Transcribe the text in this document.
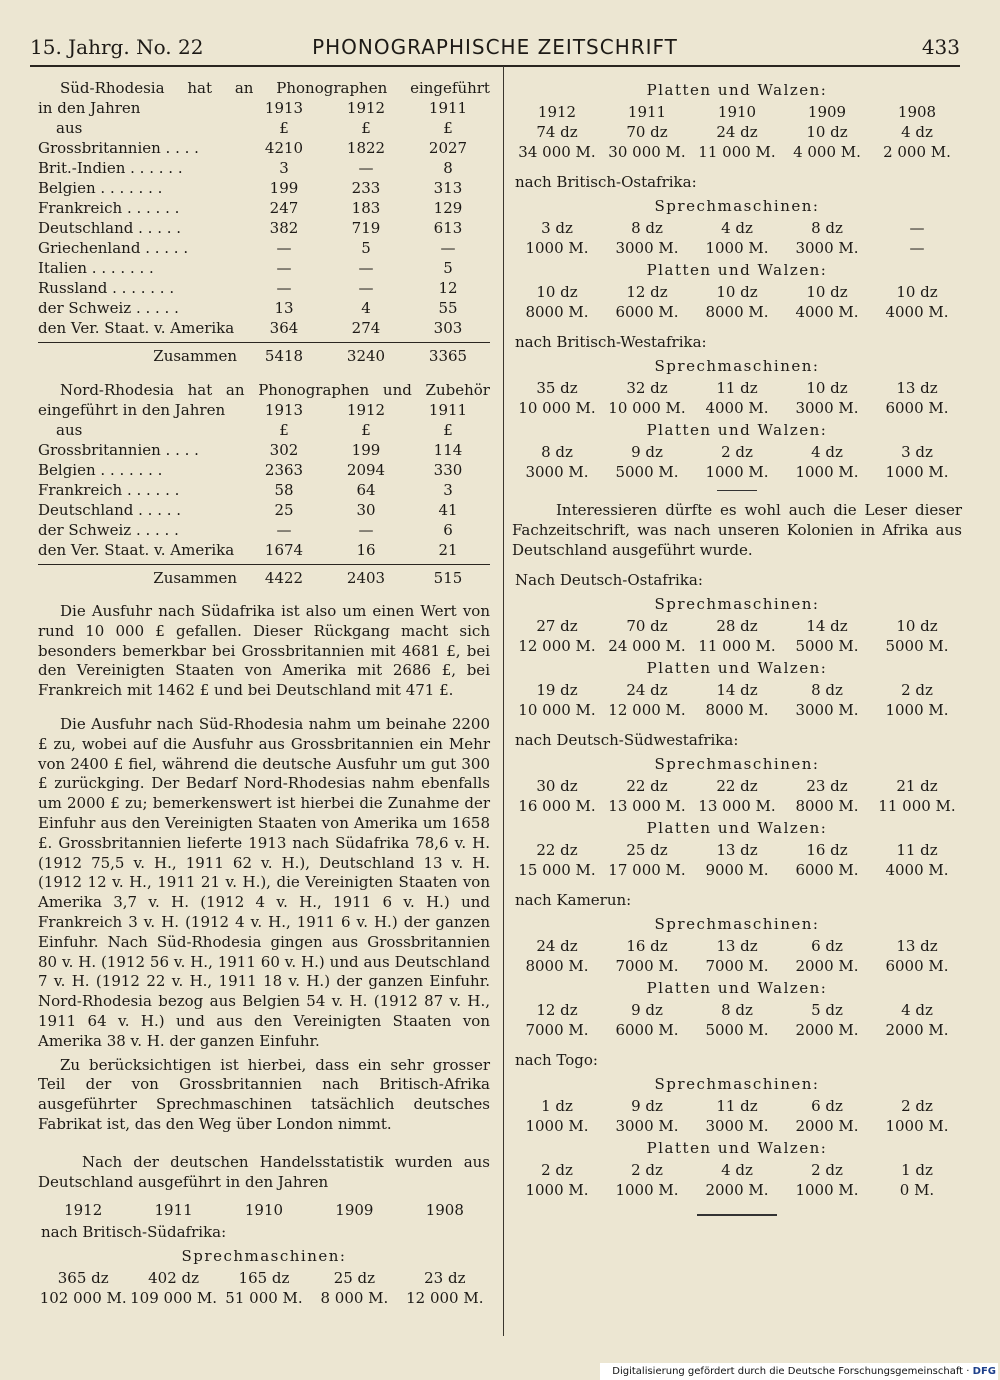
15. Jahrg. No. 22	PHONOGRAPHISCHE ZEITSCHRIFT	433
Süd-Rhodesia hat an Phonographen eingeführt
in den Jahren	1913	1912	1911
aus	£	£	£
Grossbritannien . . . .	4210	1822	2027
Brit.-Indien . . . . . .	3	—	8
Belgien . . . . . . .	199	233	313
Frankreich . . . . . .	247	183	129
Deutschland . . . . .	382	719	613
Griechenland . . . . .	—	5	—
Italien . . . . . . .	—	—	5
Russland . . . . . . .	—	—	12
der Schweiz . . . . .	13	4	55
den Ver. Staat. v. Amerika	364	274	303
Zusammen	5418	3240	3365
Nord-Rhodesia hat an Phonographen und Zubehör
eingeführt in den Jahren	1913	1912	1911
aus	£	£	£
Grossbritannien . . . .	302	199	114
Belgien . . . . . . .	2363	2094	330
Frankreich . . . . . .	58	64	3
Deutschland . . . . .	25	30	41
der Schweiz . . . . .	—	—	6
den Ver. Staat. v. Amerika	1674	16	21
Zusammen	4422	2403	515

Die Ausfuhr nach Südafrika ist also um einen Wert von rund 10 000 £ gefallen. Dieser Rückgang macht sich besonders bemerkbar bei Grossbritannien mit 4681 £, bei den Vereinigten Staaten von Amerika mit 2686 £, bei Frankreich mit 1462 £ und bei Deutschland mit 471 £.

Die Ausfuhr nach Süd-Rhodesia nahm um beinahe 2200 £ zu, wobei auf die Ausfuhr aus Grossbritannien ein Mehr von 2400 £ fiel, während die deutsche Ausfuhr um gut 300 £ zurückging. Der Bedarf Nord-Rhodesias nahm ebenfalls um 2000 £ zu; bemerkenswert ist hierbei die Zunahme der Einfuhr aus den Vereinigten Staaten von Amerika um 1658 £. Grossbritannien lieferte 1913 nach Südafrika 78,6 v. H. (1912 75,5 v. H., 1911 62 v. H.), Deutschland 13 v. H. (1912 12 v. H., 1911 21 v. H.), die Vereinigten Staaten von Amerika 3,7 v. H. (1912 4 v. H., 1911 6 v. H.) und Frankreich 3 v. H. (1912 4 v. H., 1911 6 v. H.) der ganzen Einfuhr. Nach Süd-Rhodesia gingen aus Grossbritannien 80 v. H. (1912 56 v. H., 1911 60 v. H.) und aus Deutschland 7 v. H. (1912 22 v. H., 1911 18 v. H.) der ganzen Einfuhr. Nord-Rhodesia bezog aus Belgien 54 v. H. (1912 87 v. H., 1911 64 v. H.) und aus den Vereinigten Staaten von Amerika 38 v. H. der ganzen Einfuhr.

Zu berücksichtigen ist hierbei, dass ein sehr grosser Teil der von Grossbritannien nach Britisch-Afrika ausgeführter Sprechmaschinen tatsächlich deutsches Fabrikat ist, das den Weg über London nimmt.

Nach der deutschen Handelsstatistik wurden aus Deutschland ausgeführt in den Jahren

1912	1911	1910	1909	1908
nach Britisch-Südafrika:
Sprechmaschinen:
365 dz	402 dz	165 dz	25 dz	23 dz
102 000 M. 109 000 M. 51 000 M.	8 000 M.	12 000 M.
Platten und Walzen:
1912	1911	1910	1909	1908
74 dz	70 dz	24 dz	10 dz	4 dz
34 000 M. 30 000 M. 11 000 M.	4 000 M.	2 000 M.
nach Britisch-Ostafrika:
Sprechmaschinen:
3 dz	8 dz	4 dz	8 dz	—
1000 M.	3000 M.	1000 M.	3000 M.	—
Platten und Walzen:
10 dz	12 dz	10 dz	10 dz	10 dz
8000 M.	6000 M.	8000 M.	4000 M.	4000 M.
nach Britisch-Westafrika:
Sprechmaschinen:
35 dz	32 dz	11 dz	10 dz	13 dz
10 000 M. 10 000 M.	4000 M.	3000 M.	6000 M.
Platten und Walzen:
8 dz	9 dz	2 dz	4 dz	3 dz
3000 M.	5000 M.	1000 M.	1000 M.	1000 M.

Interessieren dürfte es wohl auch die Leser dieser Fachzeitschrift, was nach unseren Kolonien in Afrika aus Deutschland ausgeführt wurde.

Nach Deutsch-Ostafrika:
Sprechmaschinen:
27 dz	70 dz	28 dz	14 dz	10 dz
12 000 M. 24 000 M. 11 000 M.	5000 M.	5000 M.
Platten und Walzen:
19 dz	24 dz	14 dz	8 dz	2 dz
10 000 M. 12 000 M.	8000 M.	3000 M.	1000 M.
nach Deutsch-Südwestafrika:
Sprechmaschinen:
30 dz	22 dz	22 dz	23 dz	21 dz
16 000 M. 13 000 M. 13 000 M.	8000 M.	11 000 M.
Platten und Walzen:
22 dz	25 dz	13 dz	16 dz	11 dz
15 000 M. 17 000 M.	9000 M.	6000 M.	4000 M.
nach Kamerun:
Sprechmaschinen:
24 dz	16 dz	13 dz	6 dz	13 dz
8000 M.	7000 M.	7000 M.	2000 M.	6000 M.
Platten und Walzen:
12 dz	9 dz	8 dz	5 dz	4 dz
7000 M.	6000 M.	5000 M.	2000 M.	2000 M.
nach Togo:
Sprechmaschinen:
1 dz	9 dz	11 dz	6 dz	2 dz
1000 M.	3000 M.	3000 M.	2000 M.	1000 M.
Platten und Walzen:
2 dz	2 dz	4 dz	2 dz	1 dz
1000 M.	1000 M.	2000 M.	1000 M.	0 M.
Digitalisierung gefördert durch die Deutsche Forschungsgemeinschaft · DFG
